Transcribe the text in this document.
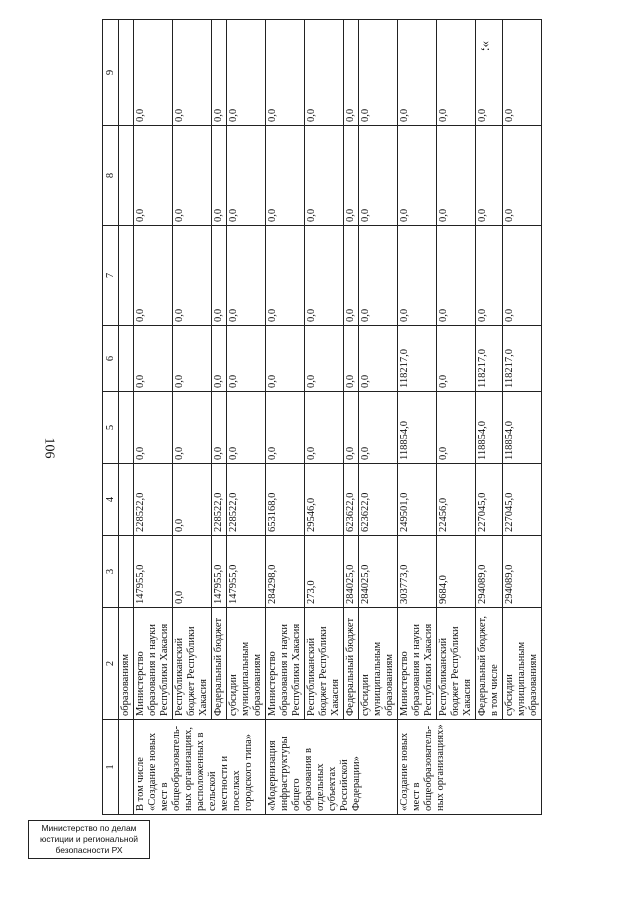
106
»;
Министерство по делам
юстиции и региональной
безопасности РХ
1	2	3	4	5	6	7	8	9
	образованиям							
В том числе «Создание новых мест в общеобразователь-ных организациях, расположенных в сельской местности и поселках городского типа»	Министерство образования и науки Республики Хакасия	147955,0	228522,0	0,0	0,0	0,0	0,0	0,0
	Республиканский бюджет Республики Хакасия	0,0	0,0	0,0	0,0	0,0	0,0	0,0
	Федеральный бюджет	147955,0	228522,0	0,0	0,0	0,0	0,0	0,0
	субсидии муниципальным образованиям	147955,0	228522,0	0,0	0,0	0,0	0,0	0,0
«Модернизация инфраструктуры общего образования в отдельных субъектах Российской Федерации»	Министерство образования и науки Республики Хакасия	284298,0	653168,0	0,0	0,0	0,0	0,0	0,0
	Республиканский бюджет Республики Хакасия	273,0	29546,0	0,0	0,0	0,0	0,0	0,0
	Федеральный бюджет	284025,0	623622,0	0,0	0,0	0,0	0,0	0,0
	субсидии муниципальным образованиям	284025,0	623622,0	0,0	0,0	0,0	0,0	0,0
«Создание новых мест в общеобразователь-ных организациях»	Министерство образования и науки Республики Хакасия	303773,0	249501,0	118854,0	118217,0	0,0	0,0	0,0
	Республиканский бюджет Республики Хакасия	9684,0	22456,0	0,0	0,0	0,0	0,0	0,0
	Федеральный бюджет, в том числе	294089,0	227045,0	118854,0	118217,0	0,0	0,0	0,0
	субсидии муниципальным образованиям	294089,0	227045,0	118854,0	118217,0	0,0	0,0	0,0
